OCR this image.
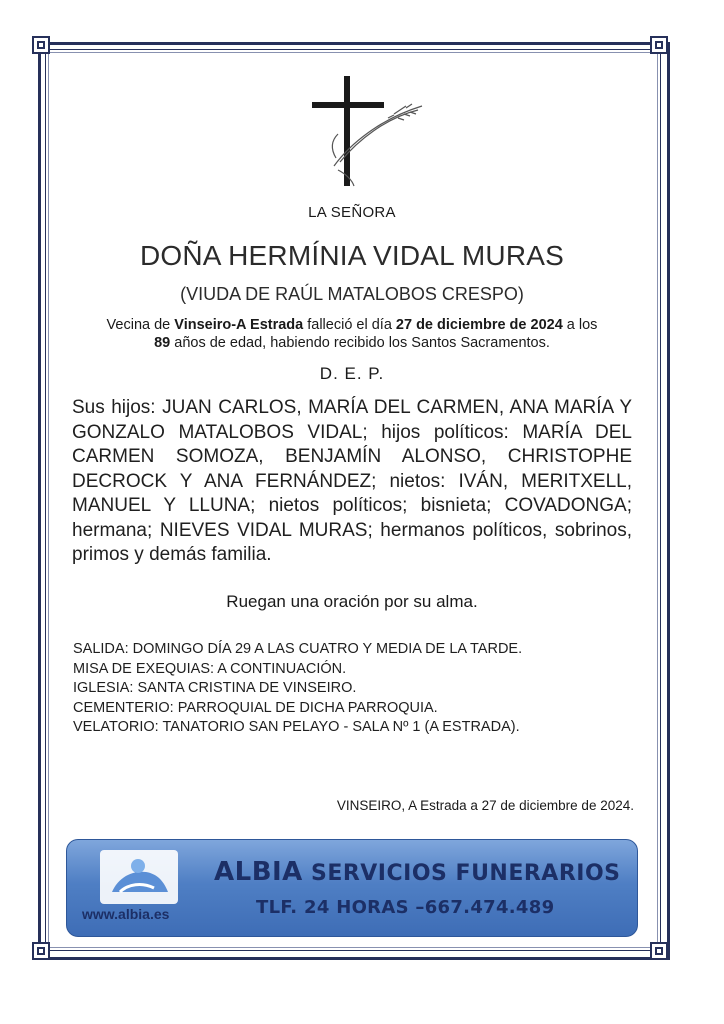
LA SEÑORA
DOÑA HERMÍNIA VIDAL MURAS
(VIUDA DE RAÚL MATALOBOS CRESPO)
Vecina de Vinseiro-A Estrada falleció el día 27 de diciembre de 2024 a los
89 años de edad, habiendo recibido los Santos Sacramentos.
D. E. P.
Sus hijos: JUAN CARLOS, MARÍA DEL CARMEN, ANA MARÍA Y GONZALO MATALOBOS VIDAL; hijos políticos: MARÍA DEL CARMEN SOMOZA, BENJAMÍN ALONSO, CHRISTOPHE DECROCK Y ANA FERNÁNDEZ; nietos: IVÁN, MERITXELL, MANUEL Y LLUNA; nietos políticos; bisnieta; COVADONGA; hermana; NIEVES VIDAL MURAS; hermanos políticos, sobrinos, primos y demás familia.
Ruegan una oración por su alma.
SALIDA: DOMINGO DÍA 29 A LAS CUATRO Y MEDIA DE LA TARDE.
MISA DE EXEQUIAS: A CONTINUACIÓN.
IGLESIA: SANTA CRISTINA DE VINSEIRO.
CEMENTERIO: PARROQUIAL DE DICHA PARROQUIA.
VELATORIO: TANATORIO SAN PELAYO - SALA Nº 1 (A ESTRADA).
VINSEIRO, A Estrada a 27 de diciembre de 2024.
www.albia.es
ALBIA SERVICIOS FUNERARIOS
TLF. 24 HORAS –667.474.489
